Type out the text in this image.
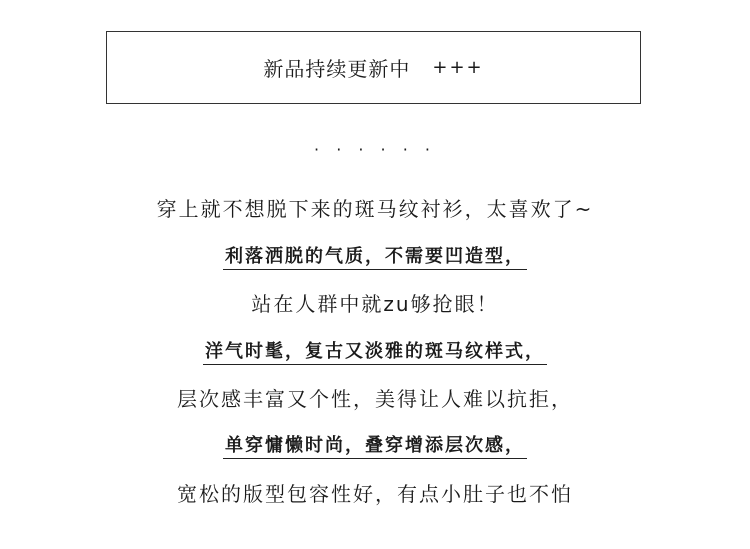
新品持续更新中 +++
· · · · · ·
穿上就不想脱下来的斑马纹衬衫，太喜欢了~
利落洒脱的气质，不需要凹造型，
站在人群中就zu够抢眼！
洋气时髦，复古又淡雅的斑马纹样式，
层次感丰富又个性，美得让人难以抗拒，
单穿慵懒时尚，叠穿增添层次感，
宽松的版型包容性好，有点小肚子也不怕
